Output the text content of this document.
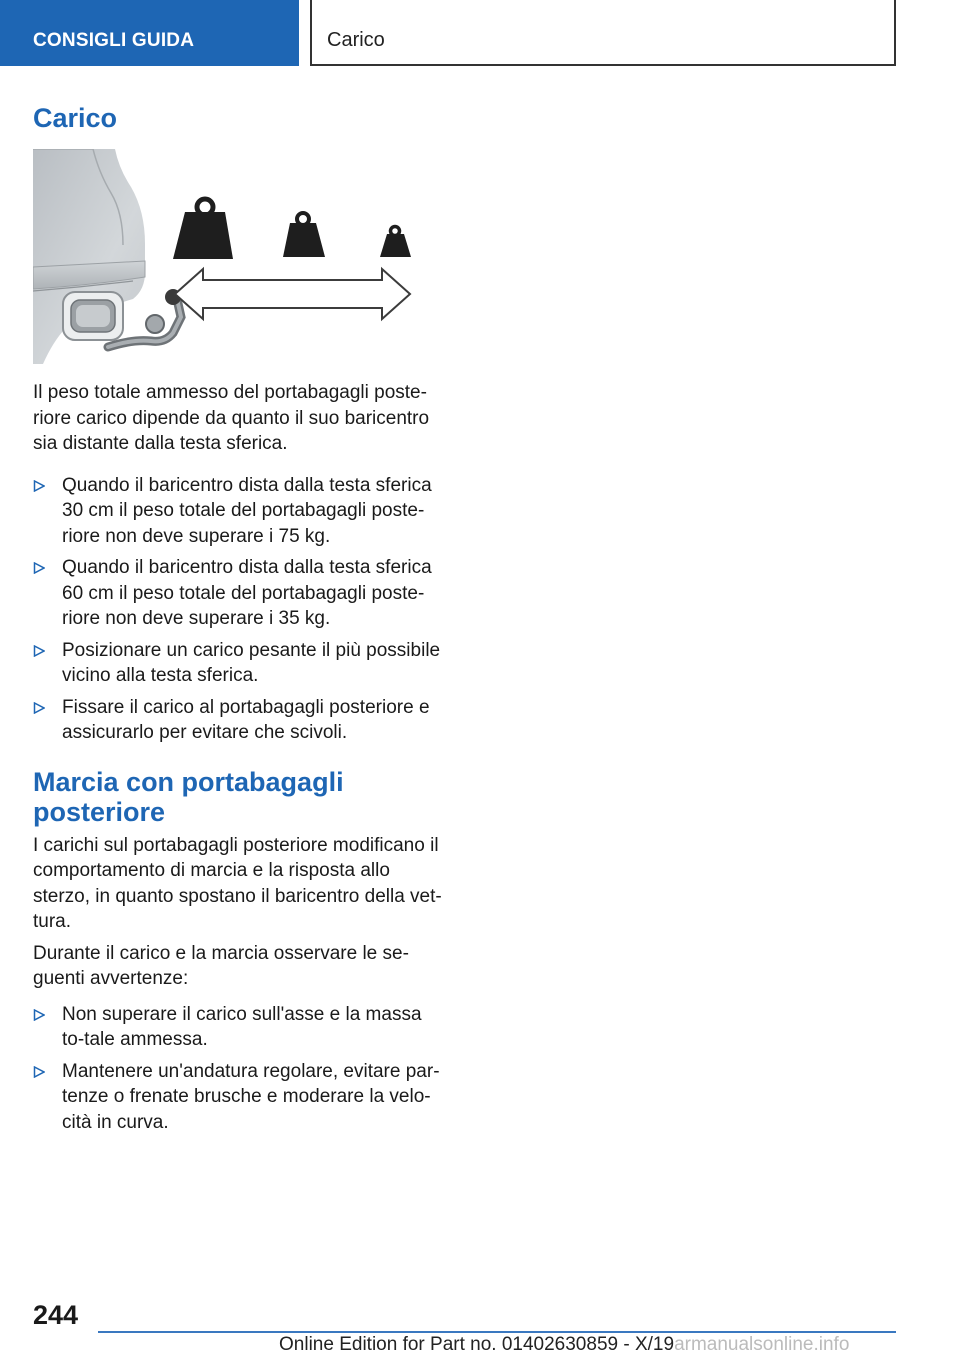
CONSIGLI GUIDA	Carico
Carico

Il peso totale ammesso del portabagagli poste-riore carico dipende da quanto il suo baricentro sia distante dalla testa sferica.

Quando il baricentro dista dalla testa sferica 30 cm il peso totale del portabagagli poste-riore non deve superare i 75 kg.
Quando il baricentro dista dalla testa sferica 60 cm il peso totale del portabagagli poste-riore non deve superare i 35 kg.
Posizionare un carico pesante il più possibile vicino alla testa sferica.
Fissare il carico al portabagagli posteriore e assicurarlo per evitare che scivoli.
Marcia con portabagagli posteriore

I carichi sul portabagagli posteriore modificano il comportamento di marcia e la risposta allo sterzo, in quanto spostano il baricentro della vet-tura.

Durante il carico e la marcia osservare le se-guenti avvertenze:

Non superare il carico sull'asse e la massa to-tale ammessa.
Mantenere un'andatura regolare, evitare par-tenze o frenate brusche e moderare la velo-cità in curva.
244
Online Edition for Part no. 01402630859 - X/19armanualsonline.info
